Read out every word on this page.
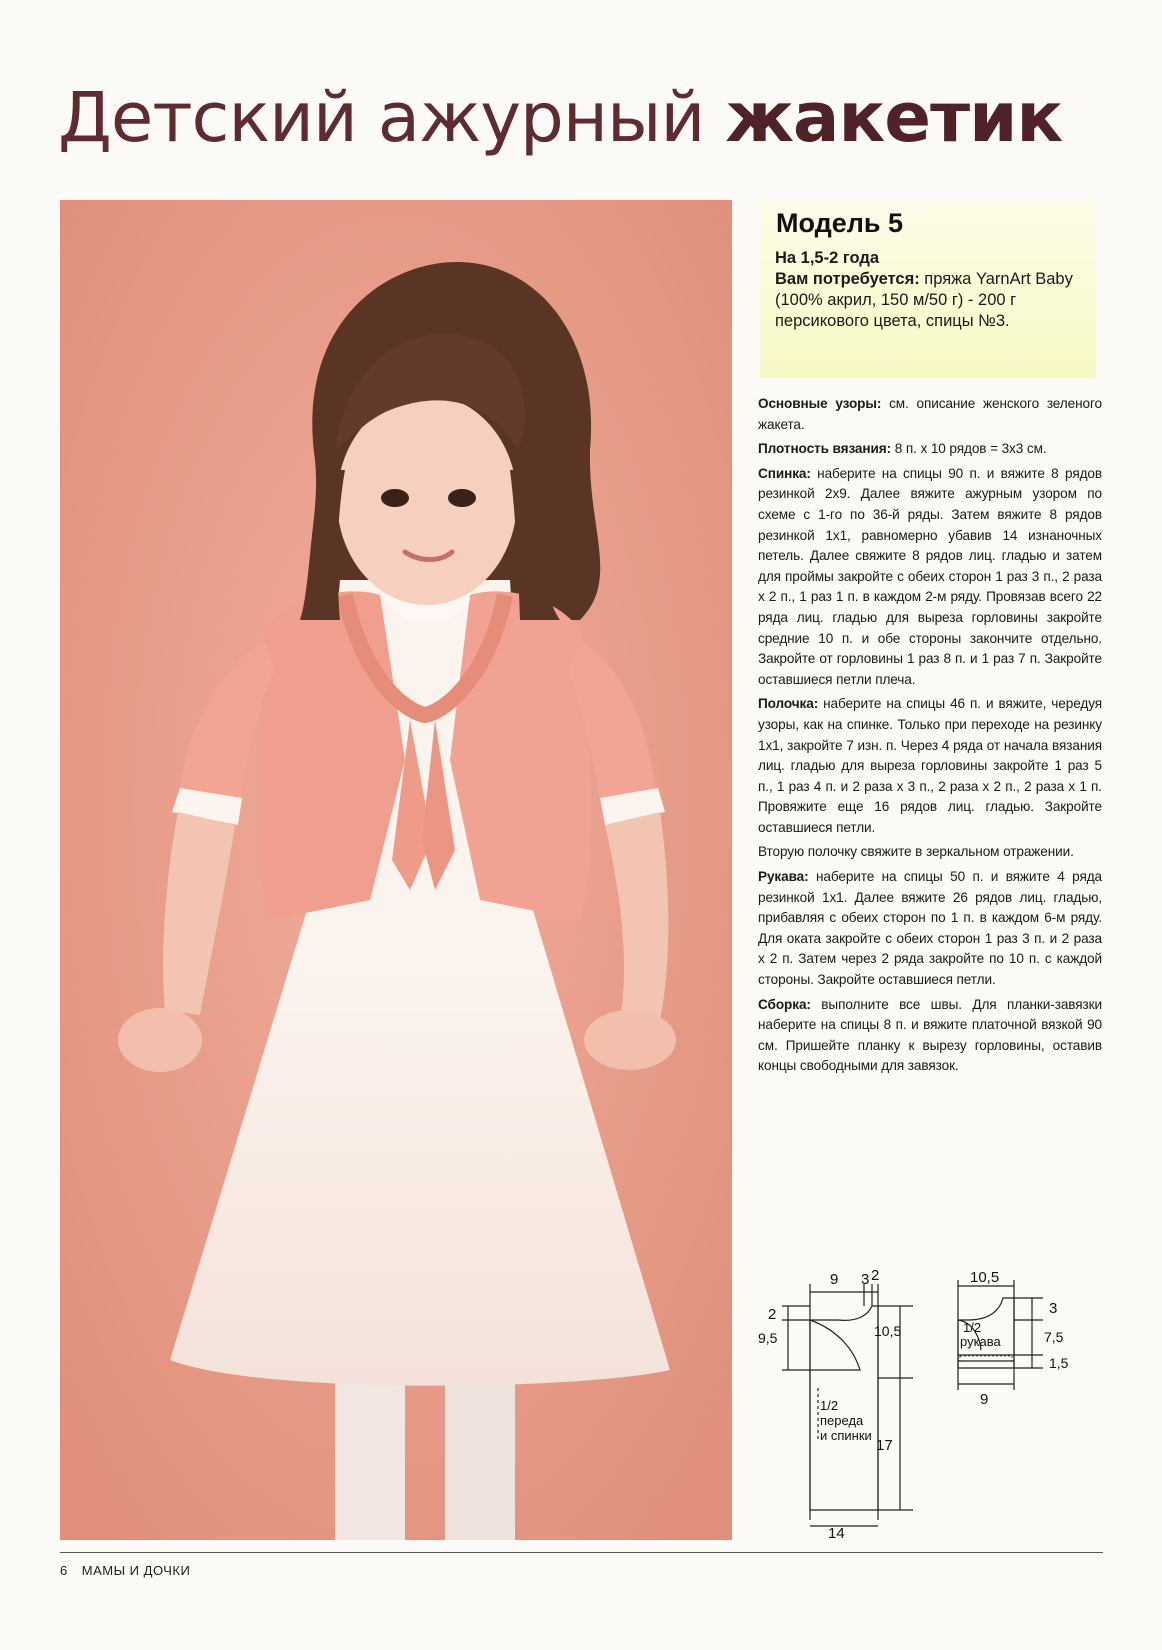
Детский ажурный жакетик
Модель 5
На 1,5-2 года
Вам потребуется: пряжа YarnArt Baby (100% акрил, 150 м/50 г) - 200 г персикового цвета, спицы №3.

Основные узоры: см. описание женского зеленого жакета.

Плотность вязания: 8 п. х 10 рядов = 3х3 см.

Спинка: наберите на спицы 90 п. и вяжите 8 рядов резинкой 2х9. Далее вяжите ажурным узором по схеме с 1-го по 36-й ряды. Затем вяжите 8 рядов резинкой 1х1, равномерно убавив 14 изнаночных петель. Далее свяжите 8 рядов лиц. гладью и затем для проймы закройте с обеих сторон 1 раз 3 п., 2 раза х 2 п., 1 раз 1 п. в каждом 2-м ряду. Провязав всего 22 ряда лиц. гладью для выреза горловины закройте средние 10 п. и обе стороны закончите отдельно. Закройте от горловины 1 раз 8 п. и 1 раз 7 п. Закройте оставшиеся петли плеча.

Полочка: наберите на спицы 46 п. и вяжите, чередуя узоры, как на спинке. Только при переходе на резинку 1х1, закройте 7 изн. п. Через 4 ряда от начала вязания лиц. гладью для выреза горловины закройте 1 раз 5 п., 1 раз 4 п. и 2 раза х 3 п., 2 раза х 2 п., 2 раза х 1 п. Провяжите еще 16 рядов лиц. гладью. Закройте оставшиеся петли.

Вторую полочку свяжите в зеркальном отражении.

Рукава: наберите на спицы 50 п. и вяжите 4 ряда резинкой 1х1. Далее вяжите 26 рядов лиц. гладью, прибавляя с обеих сторон по 1 п. в каждом 6-м ряду. Для оката закройте с обеих сторон 1 раз 3 п. и 2 раза х 2 п. Затем через 2 ряда закройте по 10 п. с каждой стороны. Закройте оставшиеся петли.

Сборка: выполните все швы. Для планки-завязки наберите на спицы 8 п. и вяжите платочной вязкой 90 см. Пришейте планку к вырезу горловины, оставив концы свободными для завязок.

9 3 2
2
9,5	10,5
17
14
1/2
переда
и спинки
10,5
3
7,5
1,5
9
1/2
рукава
6 МАМЫ И ДОЧКИ
